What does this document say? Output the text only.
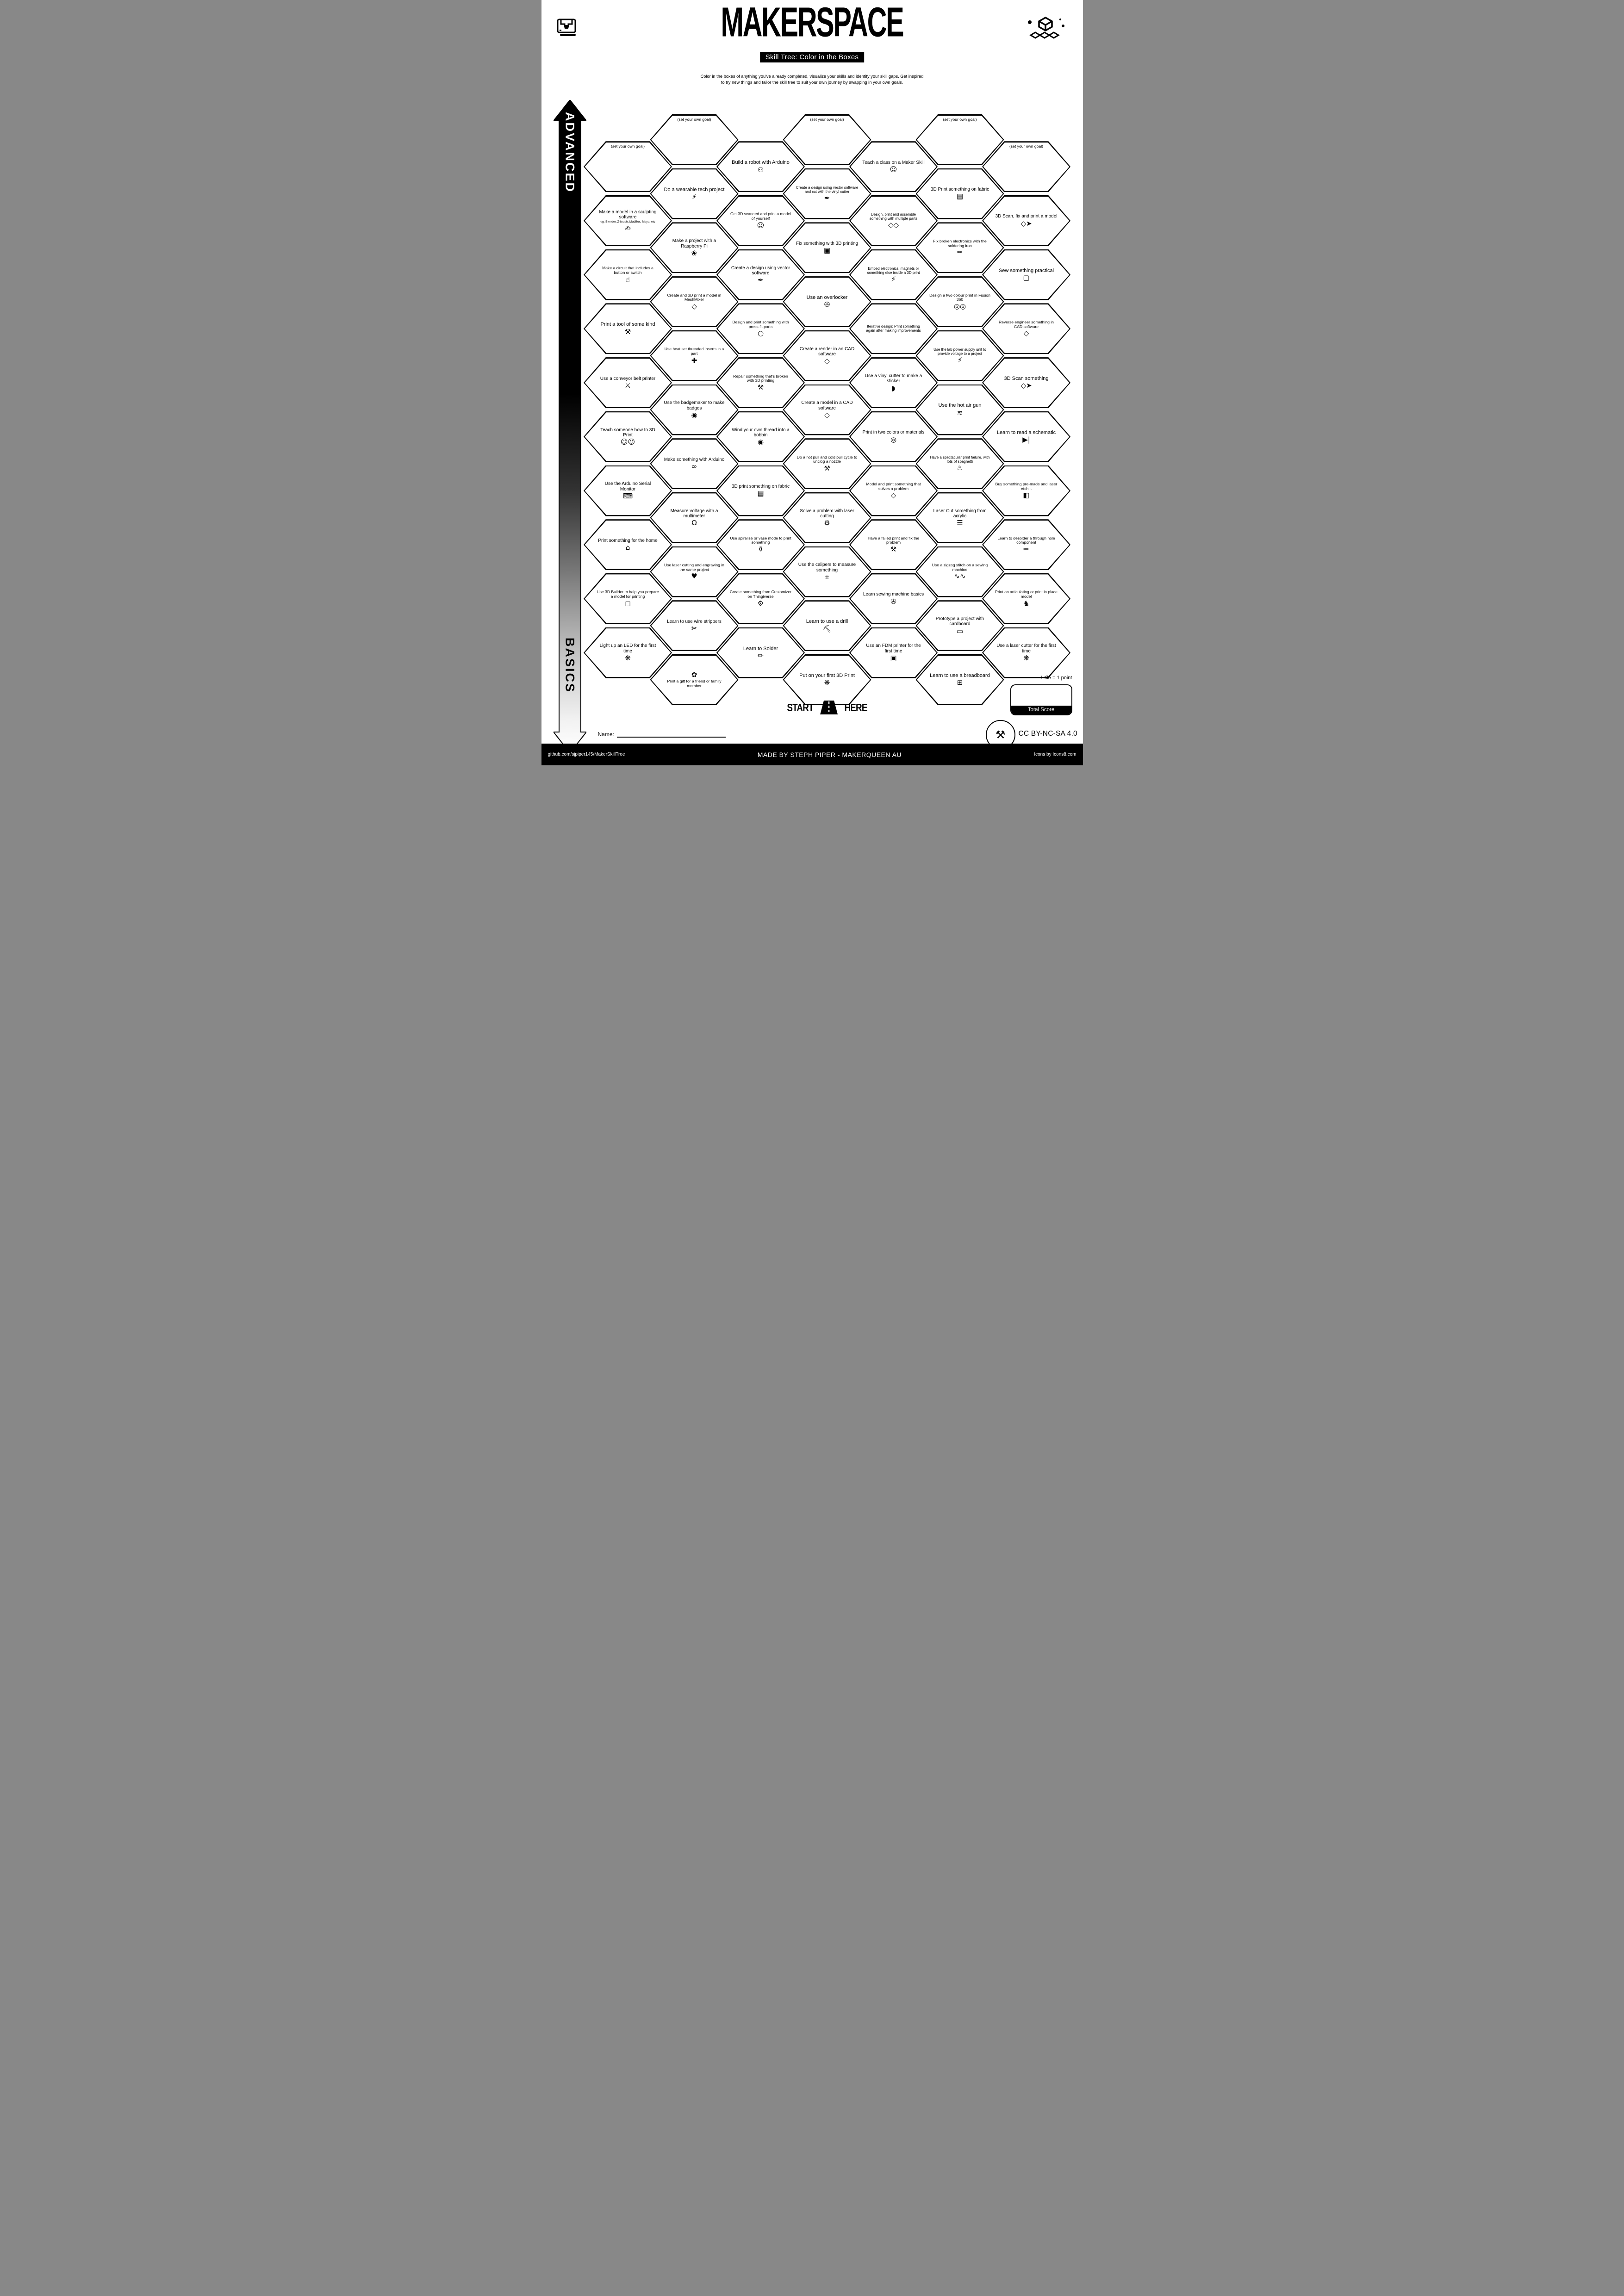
MAKERSPACE
Skill Tree: Color in the Boxes
Color in the boxes of anything you've already completed, visualize your skills and identify your skill gaps. Get inspired
to try new things and tailor the skill tree to suit your own journey by swapping in your own goals.
ADVANCED
BASICS
(set your own goal)
Make a model in a sculpting software
eg. Blender, Z-brush, MudBox, Maya, etc
✍
Make a circuit that includes a button or switch
☝
Print a tool of some kind
⚒
Use a conveyor belt printer
⚔
Teach someone how to 3D Print
☺☺
Use the Arduino Serial Monitor
⌨
Print something for the home
⌂
Use 3D Builder to help you prepare a model for printing
◻
Light up an LED for the first time
❋
(set your own goal)
Do a wearable tech project
⚡
Make a project with a Raspberry Pi
❀
Create and 3D print a model in MeshMixer
◇
Use heat set threaded inserts in a part
✚
Use the badgemaker to make badges
◉
Make something with Arduino
∞
Measure voltage with a multimeter
Ω
Use laser cutting and engraving in the same project
♥
Learn to use wire strippers
✂
✿
Print a gift for a friend or family member
Build a robot with Arduino
⚇
Get 3D scanned and print a model of yourself
☺
Create a design using vector software
✒
Design and print something with press fit parts
○
Repair something that's broken with 3D printing
⚒
Wind your own thread into a bobbin
◉
3D print something on fabric
▤
Use spiralise or vase mode to print something
⚱
Create something from Customizer on Thingiverse
⚙
Learn to Solder
✏
(set your own goal)
Create a design using vector software and cut with the vinyl cutter
✒
Fix something with 3D printing
▣
Use an overlocker
✇
Create a render in an CAD software
◇
Create a model in a CAD software
◇
Do a hot pull and cold pull cycle to unclog a nozzle
⚒
Solve a problem with laser cutting
⚙
Use the calipers to measure something
⌗
Learn to use a drill
⛏
Put on your first 3D Print
❋
Teach a class on a Maker Skill
☺
Design, print and assemble something with multiple parts
◇◇
Embed electronics, magnets or something else inside a 3D print
⚡
Iterative design: Print something again after making improvements
Use a vinyl cutter to make a sticker
◗
Print in two colors or materials
◎
Model and print something that solves a problem
◇
Have a failed print and fix the problem
⚒
Learn sewing machine basics
✇
Use an FDM printer for the first time
▣
(set your own goal)
3D Print something on fabric
▤
Fix broken electronics with the soldering iron
✏
Design a two colour print in Fusion 360
◎◎
Use the lab power supply unit to provide voltage to a project
⚡
Use the hot air gun
≋
Have a spectacular print failure, with lots of spaghetti
♨
Laser Cut something from acrylic
☰
Use a zigzag stitch on a sewing machine
∿∿
Prototype a project with cardboard
▭
Learn to use a breadboard
⊞
(set your own goal)
3D Scan, fix and print a model
◇➤
Sew something practical
▢
Reverse engineer something in CAD software
◇
3D Scan something
◇➤
Learn to read a schematic
▶|
Buy something pre-made and laser etch it
◧
Learn to desolder a through hole component
✏
Print an articulating or print in place model
♞
Use a laser cutter for the first time
❋
START	HERE
Name:
1 tile = 1 point
Total Score
⚒	CC BY-NC-SA 4.0
github.com/sjpiper145/MakerSkillTree	MADE BY STEPH PIPER - MAKERQUEEN AU	Icons by Icons8.com
